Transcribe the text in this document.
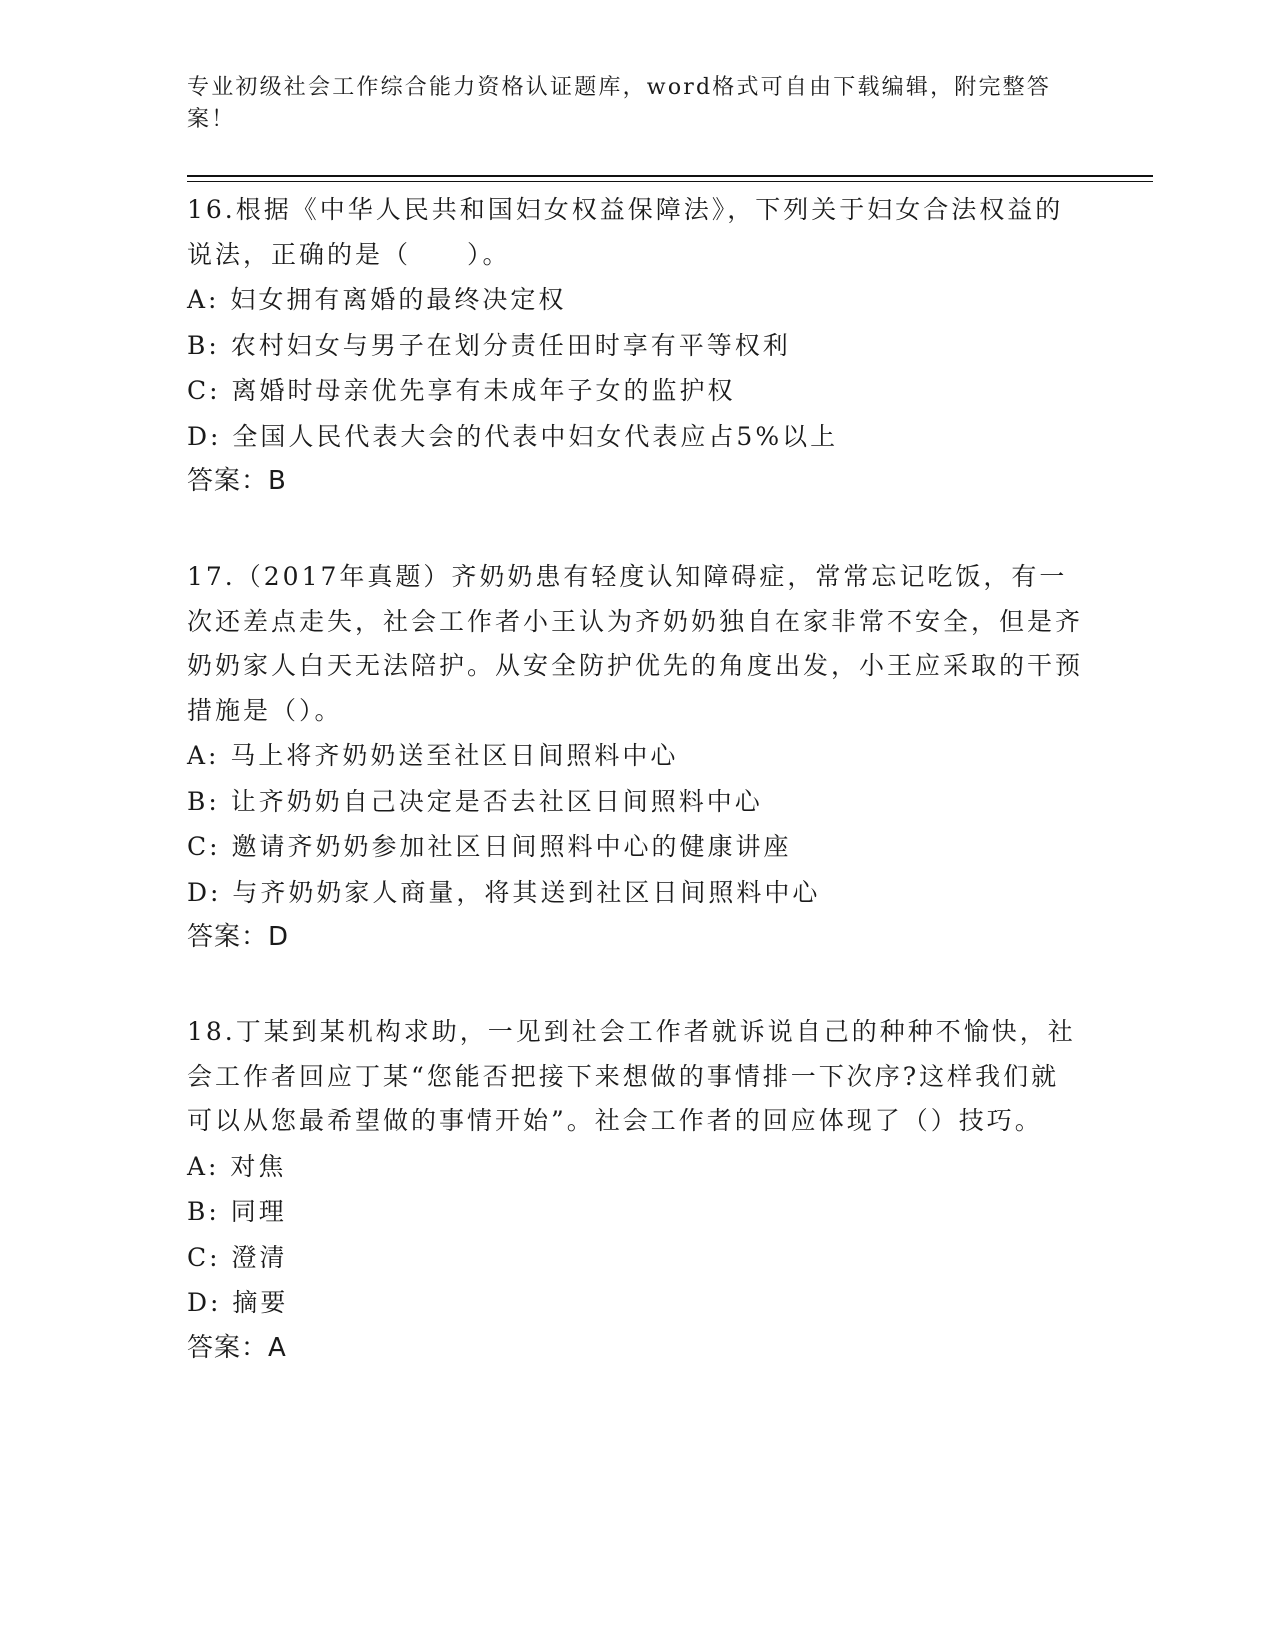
专业初级社会工作综合能力资格认证题库，word格式可自由下载编辑，附完整答案！

16.根据《中华人民共和国妇女权益保障法》，下列关于妇女合法权益的说法，正确的是（　　）。

A: 妇女拥有离婚的最终决定权
B: 农村妇女与男子在划分责任田时享有平等权利
C: 离婚时母亲优先享有未成年子女的监护权
D: 全国人民代表大会的代表中妇女代表应占5%以上
答案：B

17.（2017年真题）齐奶奶患有轻度认知障碍症，常常忘记吃饭，有一次还差点走失，社会工作者小王认为齐奶奶独自在家非常不安全，但是齐奶奶家人白天无法陪护。从安全防护优先的角度出发，小王应采取的干预措施是（）。

A: 马上将齐奶奶送至社区日间照料中心
B: 让齐奶奶自己决定是否去社区日间照料中心
C: 邀请齐奶奶参加社区日间照料中心的健康讲座
D: 与齐奶奶家人商量，将其送到社区日间照料中心
答案：D

18.丁某到某机构求助，一见到社会工作者就诉说自己的种种不愉快，社会工作者回应丁某“您能否把接下来想做的事情排一下次序?这样我们就可以从您最希望做的事情开始”。社会工作者的回应体现了（）技巧。

A: 对焦
B: 同理
C: 澄清
D: 摘要
答案：A
